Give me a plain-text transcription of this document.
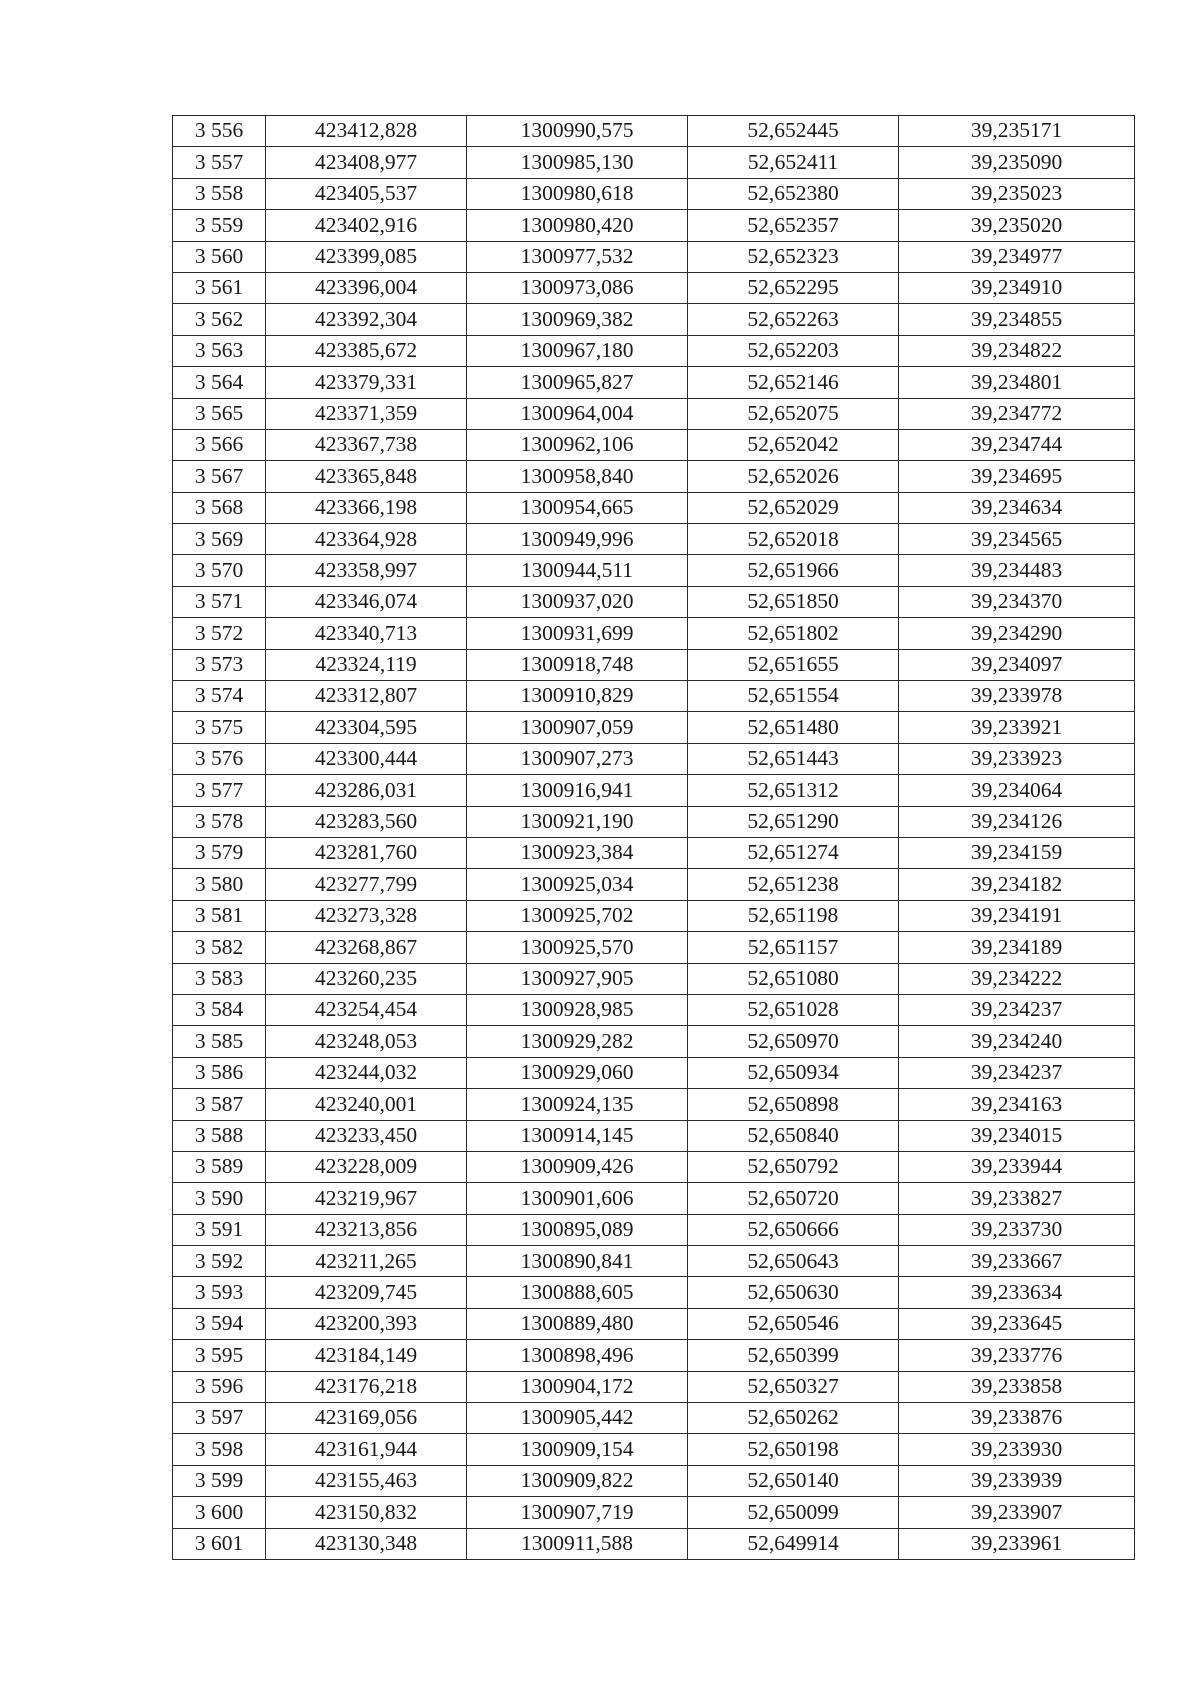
3 556	423412,828	1300990,575	52,652445	39,235171
3 557	423408,977	1300985,130	52,652411	39,235090
3 558	423405,537	1300980,618	52,652380	39,235023
3 559	423402,916	1300980,420	52,652357	39,235020
3 560	423399,085	1300977,532	52,652323	39,234977
3 561	423396,004	1300973,086	52,652295	39,234910
3 562	423392,304	1300969,382	52,652263	39,234855
3 563	423385,672	1300967,180	52,652203	39,234822
3 564	423379,331	1300965,827	52,652146	39,234801
3 565	423371,359	1300964,004	52,652075	39,234772
3 566	423367,738	1300962,106	52,652042	39,234744
3 567	423365,848	1300958,840	52,652026	39,234695
3 568	423366,198	1300954,665	52,652029	39,234634
3 569	423364,928	1300949,996	52,652018	39,234565
3 570	423358,997	1300944,511	52,651966	39,234483
3 571	423346,074	1300937,020	52,651850	39,234370
3 572	423340,713	1300931,699	52,651802	39,234290
3 573	423324,119	1300918,748	52,651655	39,234097
3 574	423312,807	1300910,829	52,651554	39,233978
3 575	423304,595	1300907,059	52,651480	39,233921
3 576	423300,444	1300907,273	52,651443	39,233923
3 577	423286,031	1300916,941	52,651312	39,234064
3 578	423283,560	1300921,190	52,651290	39,234126
3 579	423281,760	1300923,384	52,651274	39,234159
3 580	423277,799	1300925,034	52,651238	39,234182
3 581	423273,328	1300925,702	52,651198	39,234191
3 582	423268,867	1300925,570	52,651157	39,234189
3 583	423260,235	1300927,905	52,651080	39,234222
3 584	423254,454	1300928,985	52,651028	39,234237
3 585	423248,053	1300929,282	52,650970	39,234240
3 586	423244,032	1300929,060	52,650934	39,234237
3 587	423240,001	1300924,135	52,650898	39,234163
3 588	423233,450	1300914,145	52,650840	39,234015
3 589	423228,009	1300909,426	52,650792	39,233944
3 590	423219,967	1300901,606	52,650720	39,233827
3 591	423213,856	1300895,089	52,650666	39,233730
3 592	423211,265	1300890,841	52,650643	39,233667
3 593	423209,745	1300888,605	52,650630	39,233634
3 594	423200,393	1300889,480	52,650546	39,233645
3 595	423184,149	1300898,496	52,650399	39,233776
3 596	423176,218	1300904,172	52,650327	39,233858
3 597	423169,056	1300905,442	52,650262	39,233876
3 598	423161,944	1300909,154	52,650198	39,233930
3 599	423155,463	1300909,822	52,650140	39,233939
3 600	423150,832	1300907,719	52,650099	39,233907
3 601	423130,348	1300911,588	52,649914	39,233961
